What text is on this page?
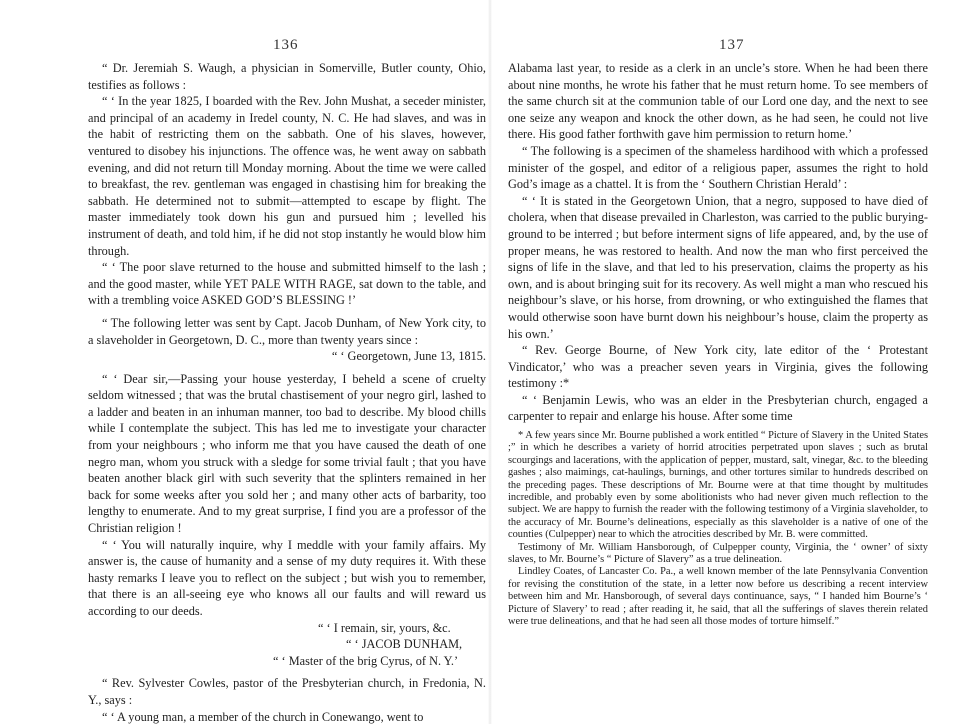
136

“ Dr. Jeremiah S. Waugh, a physician in Somerville, Butler county, Ohio, testifies as follows :

“ ‘ In the year 1825, I boarded with the Rev. John Mushat, a seceder minister, and principal of an academy in Iredel county, N. C. He had slaves, and was in the habit of restricting them on the sabbath. One of his slaves, however, ventured to disobey his injunctions. The offence was, he went away on sabbath evening, and did not return till Monday morning. About the time we were called to breakfast, the rev. gentleman was engaged in chastising him for breaking the sabbath. He determined not to submit—attempted to escape by flight. The master immediately took down his gun and pursued him ; levelled his instrument of death, and told him, if he did not stop instantly he would blow him through.

“ ‘ The poor slave returned to the house and submitted himself to the lash ; and the good master, while YET PALE WITH RAGE, sat down to the table, and with a trembling voice ASKED GOD’S BLESSING !’

“ The following letter was sent by Capt. Jacob Dunham, of New York city, to a slaveholder in Georgetown, D. C., more than twenty years since :

“ ‘ Georgetown, June 13, 1815.

“ ‘ Dear sir,—Passing your house yesterday, I beheld a scene of cruelty seldom witnessed ; that was the brutal chastisement of your negro girl, lashed to a ladder and beaten in an inhuman manner, too bad to describe. My blood chills while I contemplate the subject. This has led me to investigate your character from your neighbours ; who inform me that you have caused the death of one negro man, whom you struck with a sledge for some trivial fault ; that you have beaten another black girl with such severity that the splinters remained in her back for some weeks after you sold her ; and many other acts of barbarity, too lengthy to enumerate. And to my great surprise, I find you are a professor of the Christian religion !

“ ‘ You will naturally inquire, why I meddle with your family affairs. My answer is, the cause of humanity and a sense of my duty requires it. With these hasty remarks I leave you to reflect on the subject ; but wish you to remember, that there is an all-seeing eye who knows all our faults and will reward us according to our deeds.

“ ‘ I remain, sir, yours, &c.

“ ‘ JACOB DUNHAM,

“ ‘ Master of the brig Cyrus, of N. Y.’

“ Rev. Sylvester Cowles, pastor of the Presbyterian church, in Fredonia, N. Y., says :

“ ‘ A young man, a member of the church in Conewango, went to

137

Alabama last year, to reside as a clerk in an uncle’s store. When he had been there about nine months, he wrote his father that he must return home. To see members of the same church sit at the communion table of our Lord one day, and the next to see one seize any weapon and knock the other down, as he had seen, he could not live there. His good father forthwith gave him permission to return home.’

“ The following is a specimen of the shameless hardihood with which a professed minister of the gospel, and editor of a religious paper, assumes the right to hold God’s image as a chattel. It is from the ‘ Southern Christian Herald’ :

“ ‘ It is stated in the Georgetown Union, that a negro, supposed to have died of cholera, when that disease prevailed in Charleston, was carried to the public burying-ground to be interred ; but before interment signs of life appeared, and, by the use of proper means, he was restored to health. And now the man who first perceived the signs of life in the slave, and that led to his preservation, claims the property as his own, and is about bringing suit for its recovery. As well might a man who rescued his neighbour’s slave, or his horse, from drowning, or who extinguished the flames that would otherwise soon have burnt down his neighbour’s house, claim the property as his own.’

“ Rev. George Bourne, of New York city, late editor of the ‘ Protestant Vindicator,’ who was a preacher seven years in Virginia, gives the following testimony :*

“ ‘ Benjamin Lewis, who was an elder in the Presbyterian church, engaged a carpenter to repair and enlarge his house. After some time

* A few years since Mr. Bourne published a work entitled “ Picture of Slavery in the United States ;” in which he describes a variety of horrid atrocities perpetrated upon slaves ; such as brutal scourgings and lacerations, with the application of pepper, mustard, salt, vinegar, &c. to the bleeding gashes ; also maimings, cat-haulings, burnings, and other tortures similar to hundreds described on the preceding pages. These descriptions of Mr. Bourne were at that time thought by multitudes incredible, and probably even by some abolitionists who had never given much reflection to the subject. We are happy to furnish the reader with the following testimony of a Virginia slaveholder, to the accuracy of Mr. Bourne’s delineations, especially as this slaveholder is a native of one of the counties (Culpepper) near to which the atrocities described by Mr. B. were committed.

Testimony of Mr. William Hansborough, of Culpepper county, Virginia, the ‘ owner’ of sixty slaves, to Mr. Bourne’s “ Picture of Slavery” as a true delineation.

Lindley Coates, of Lancaster Co. Pa., a well known member of the late Pennsylvania Convention for revising the constitution of the state, in a letter now before us describing a recent interview between him and Mr. Hansborough, of several days continuance, says, “ I handed him Bourne’s ‘ Picture of Slavery’ to read ; after reading it, he said, that all the sufferings of slaves therein related were true delineations, and that he had seen all those modes of torture himself.”
